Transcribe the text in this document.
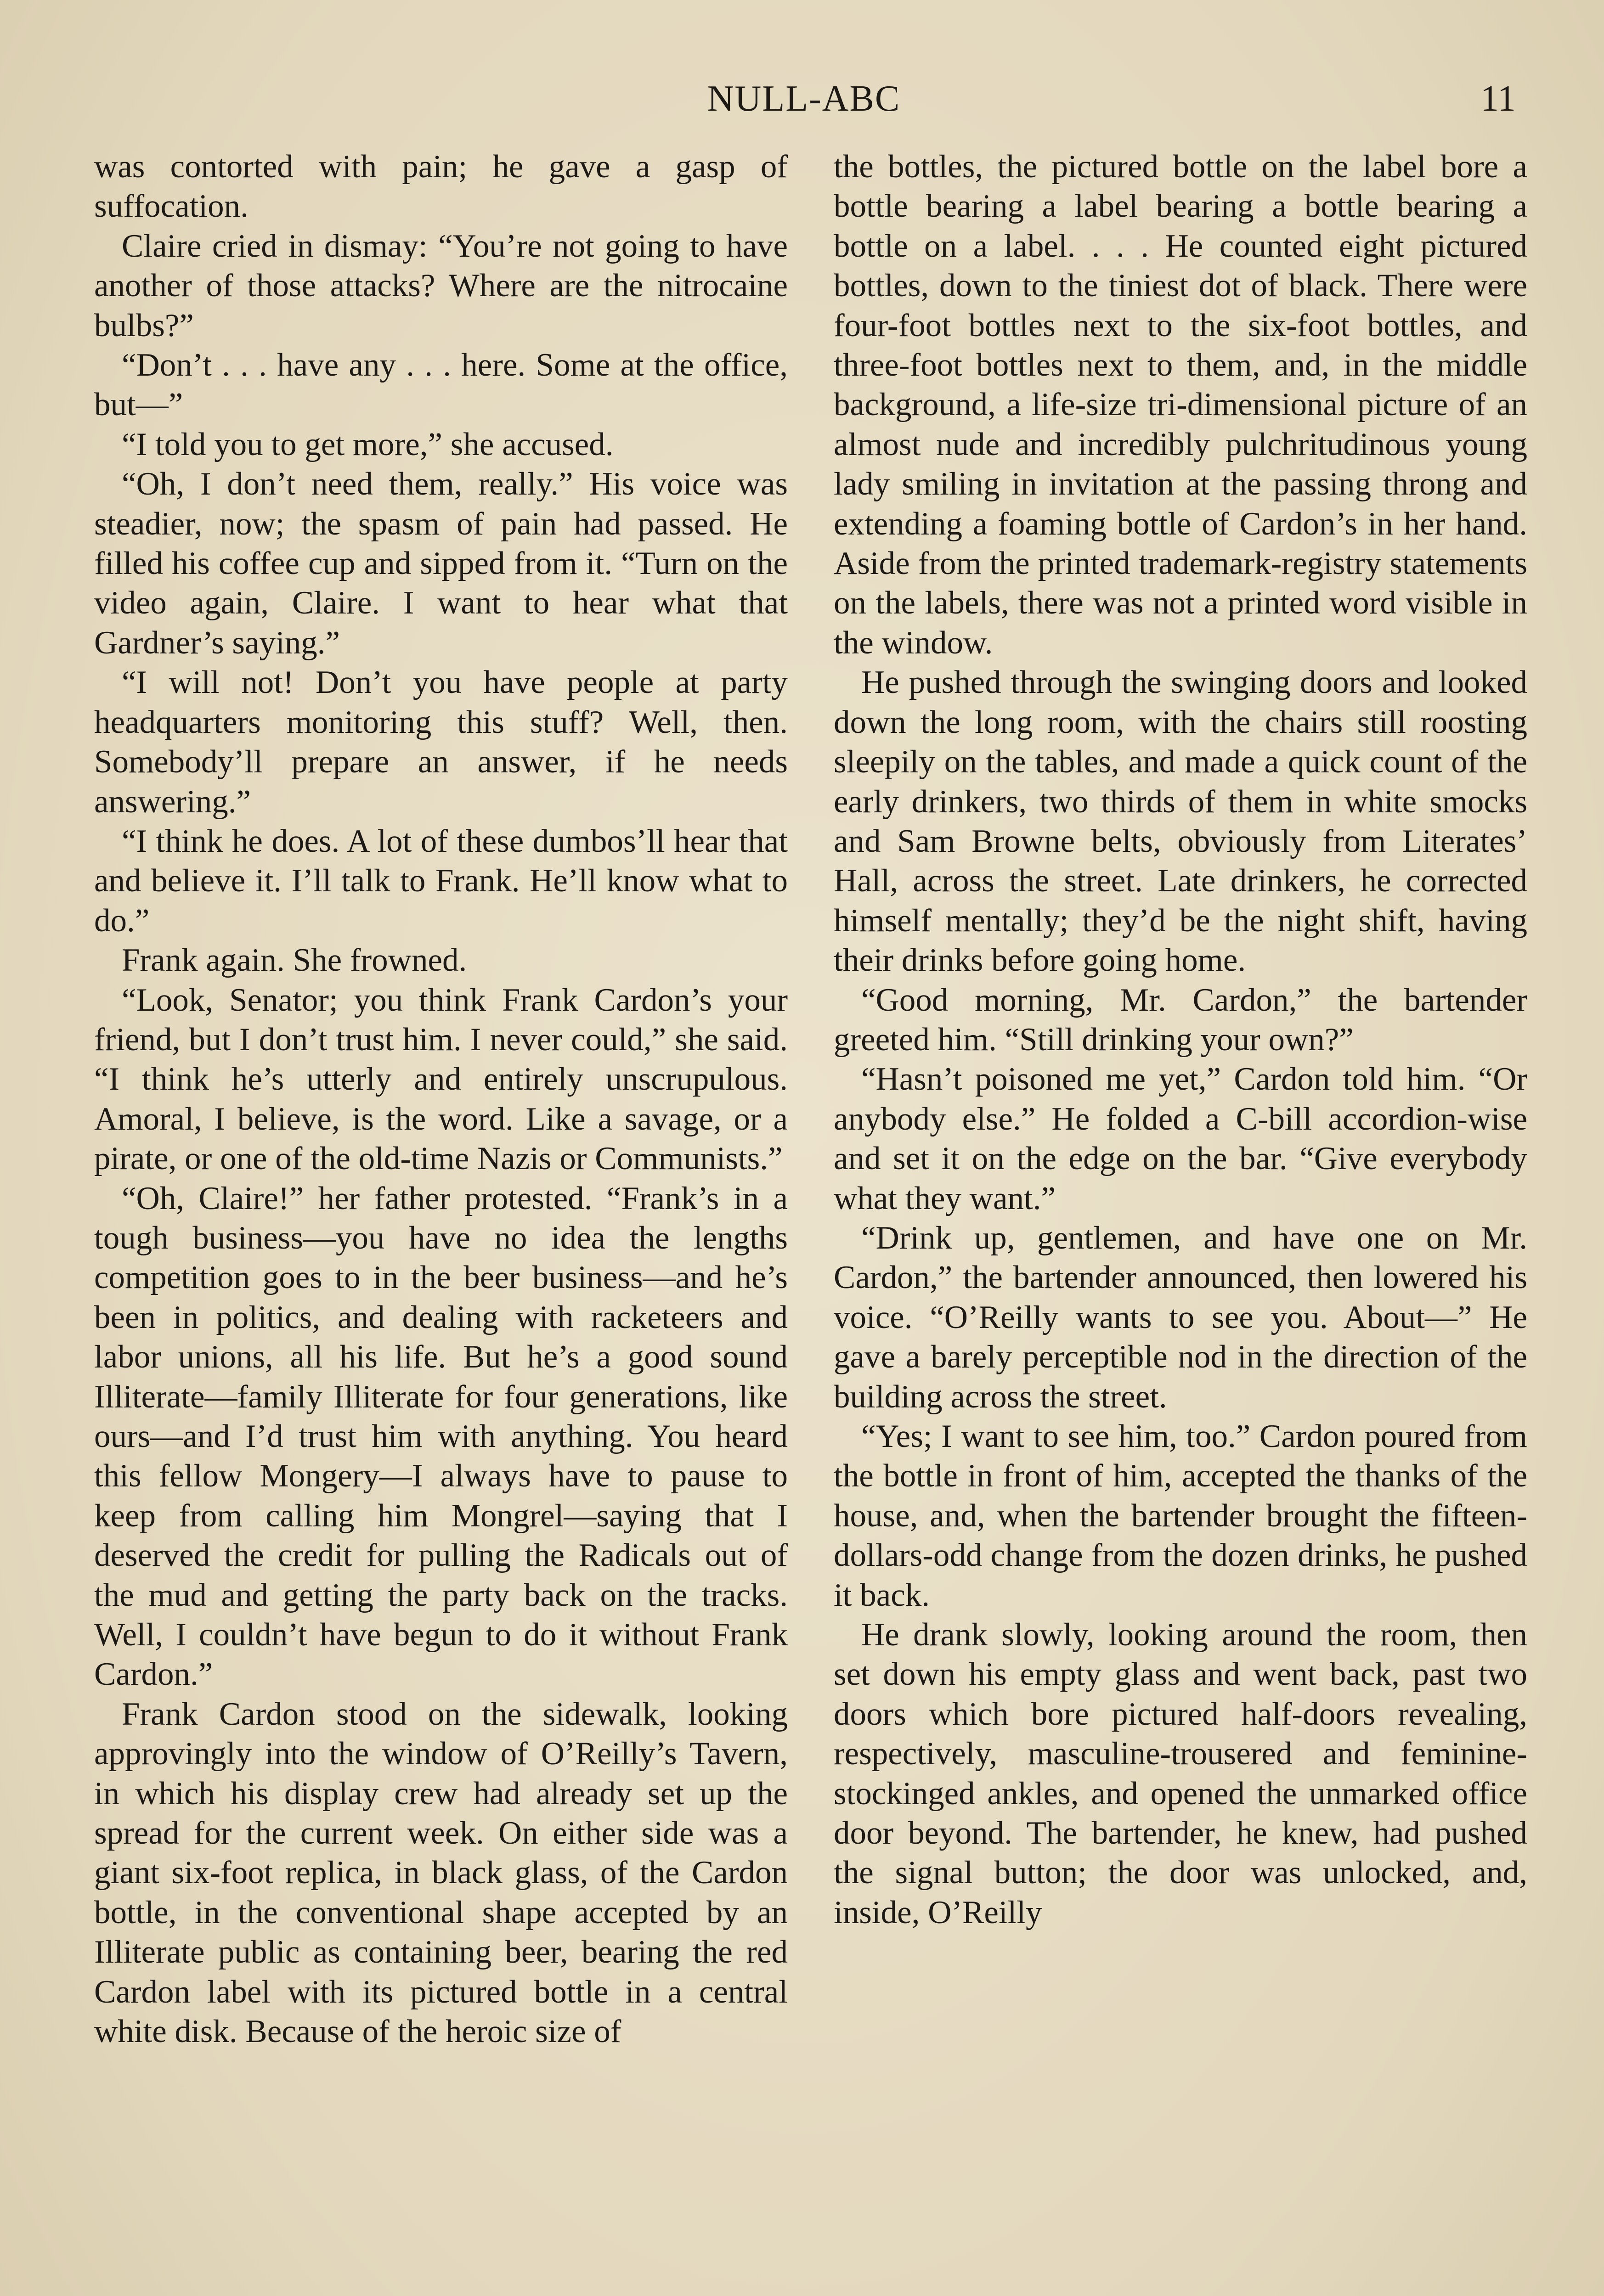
NULL-ABC	11

was contorted with pain; he gave a gasp of suffocation.

Claire cried in dismay: “You’re not going to have another of those attacks? Where are the nitrocaine bulbs?”

“Don’t . . . have any . . . here. Some at the office, but—”

“I told you to get more,” she accused.

“Oh, I don’t need them, really.” His voice was steadier, now; the spasm of pain had passed. He filled his coffee cup and sipped from it. “Turn on the video again, Claire. I want to hear what that Gardner’s saying.”

“I will not! Don’t you have people at party headquarters monitoring this stuff? Well, then. Somebody’ll prepare an answer, if he needs answering.”

“I think he does. A lot of these dumbos’ll hear that and believe it. I’ll talk to Frank. He’ll know what to do.”

Frank again. She frowned.

“Look, Senator; you think Frank Cardon’s your friend, but I don’t trust him. I never could,” she said. “I think he’s utterly and entirely unscrupulous. Amoral, I believe, is the word. Like a savage, or a pirate, or one of the old-time Nazis or Communists.”

“Oh, Claire!” her father protested. “Frank’s in a tough business—you have no idea the lengths competition goes to in the beer business—and he’s been in politics, and dealing with racketeers and labor unions, all his life. But he’s a good sound Illiterate—family Illiterate for four generations, like ours—and I’d trust him with anything. You heard this fellow Mongery—I always have to pause to keep from calling him Mongrel—saying that I deserved the credit for pulling the Radicals out of the mud and getting the party back on the tracks. Well, I couldn’t have begun to do it without Frank Cardon.”

Frank Cardon stood on the sidewalk, looking approvingly into the window of O’Reilly’s Tavern, in which his display crew had already set up the spread for the current week. On either side was a giant six-foot replica, in black glass, of the Cardon bottle, in the conventional shape accepted by an Illiterate public as containing beer, bearing the red Cardon label with its pictured bottle in a central white disk. Because of the heroic size of

the bottles, the pictured bottle on the label bore a bottle bearing a label bearing a bottle bearing a bottle on a label. . . . He counted eight pictured bottles, down to the tiniest dot of black. There were four-foot bottles next to the six-foot bottles, and three-foot bottles next to them, and, in the middle background, a life-size tri-dimensional picture of an almost nude and incredibly pulchritudinous young lady smiling in invitation at the passing throng and extending a foaming bottle of Cardon’s in her hand. Aside from the printed trademark-registry statements on the labels, there was not a printed word visible in the window.

He pushed through the swinging doors and looked down the long room, with the chairs still roosting sleepily on the tables, and made a quick count of the early drinkers, two thirds of them in white smocks and Sam Browne belts, obviously from Literates’ Hall, across the street. Late drinkers, he corrected himself mentally; they’d be the night shift, having their drinks before going home.

“Good morning, Mr. Cardon,” the bartender greeted him. “Still drinking your own?”

“Hasn’t poisoned me yet,” Cardon told him. “Or anybody else.” He folded a C-bill accordion-wise and set it on the edge on the bar. “Give everybody what they want.”

“Drink up, gentlemen, and have one on Mr. Cardon,” the bartender announced, then lowered his voice. “O’Reilly wants to see you. About—” He gave a barely perceptible nod in the direction of the building across the street.

“Yes; I want to see him, too.” Cardon poured from the bottle in front of him, accepted the thanks of the house, and, when the bartender brought the fifteen-dollars-odd change from the dozen drinks, he pushed it back.

He drank slowly, looking around the room, then set down his empty glass and went back, past two doors which bore pictured half-doors revealing, respectively, masculine-trousered and feminine-stockinged ankles, and opened the unmarked office door beyond. The bartender, he knew, had pushed the signal button; the door was unlocked, and, inside, O’Reilly
